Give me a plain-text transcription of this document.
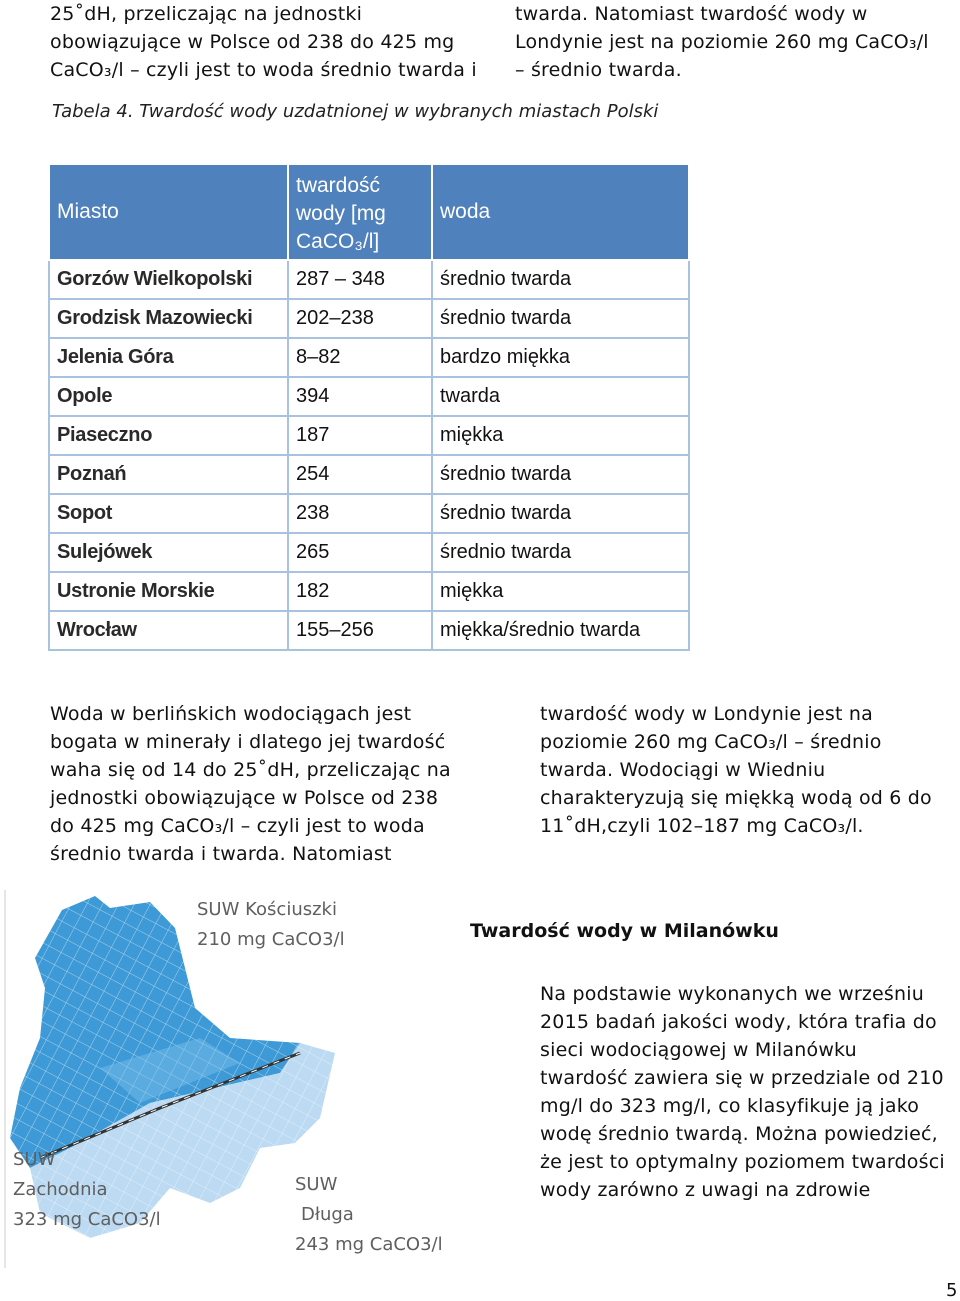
25˚dH, przeliczając na jednostki
obowiązujące w Polsce od 238 do 425 mg
CaCO₃/l – czyli jest to woda średnio twarda i
twarda. Natomiast twardość wody w
Londynie jest na poziomie 260 mg CaCO₃/l
– średnio twarda.
Tabela 4. Twardość wody uzdatnionej w wybranych miastach Polski
Miasto	twardość wody [mg CaCO₃/l]	woda
Gorzów Wielkopolski	287 – 348	średnio twarda
Grodzisk Mazowiecki	202–238	średnio twarda
Jelenia Góra	8–82	bardzo miękka
Opole	394	twarda
Piaseczno	187	miękka
Poznań	254	średnio twarda
Sopot	238	średnio twarda
Sulejówek	265	średnio twarda
Ustronie Morskie	182	miękka
Wrocław	155–256	miękka/średnio twarda
Woda w berlińskich wodociągach jest
bogata w minerały i dlatego jej twardość
waha się od 14 do 25˚dH, przeliczając na
jednostki obowiązujące w Polsce od 238
do 425 mg CaCO₃/l – czyli jest to woda
średnio twarda i twarda. Natomiast
twardość wody w Londynie jest na
poziomie 260 mg CaCO₃/l – średnio
twarda. Wodociągi w Wiedniu
charakteryzują się miękką wodą od 6 do
11˚dH,czyli 102–187 mg CaCO₃/l.
SUW Kościuszki
210 mg CaCO3/l
SUW
Zachodnia
323 mg CaCO3/l
SUW
Długa
243 mg CaCO3/l
Twardość wody w Milanówku
Na podstawie wykonanych we wrześniu
2015 badań jakości wody, która trafia do
sieci wodociągowej w Milanówku
twardość zawiera się w przedziale od 210
mg/l do 323 mg/l, co klasyfikuje ją jako
wodę średnio twardą. Można powiedzieć,
że jest to optymalny poziomem twardości
wody zarówno z uwagi na zdrowie
5
